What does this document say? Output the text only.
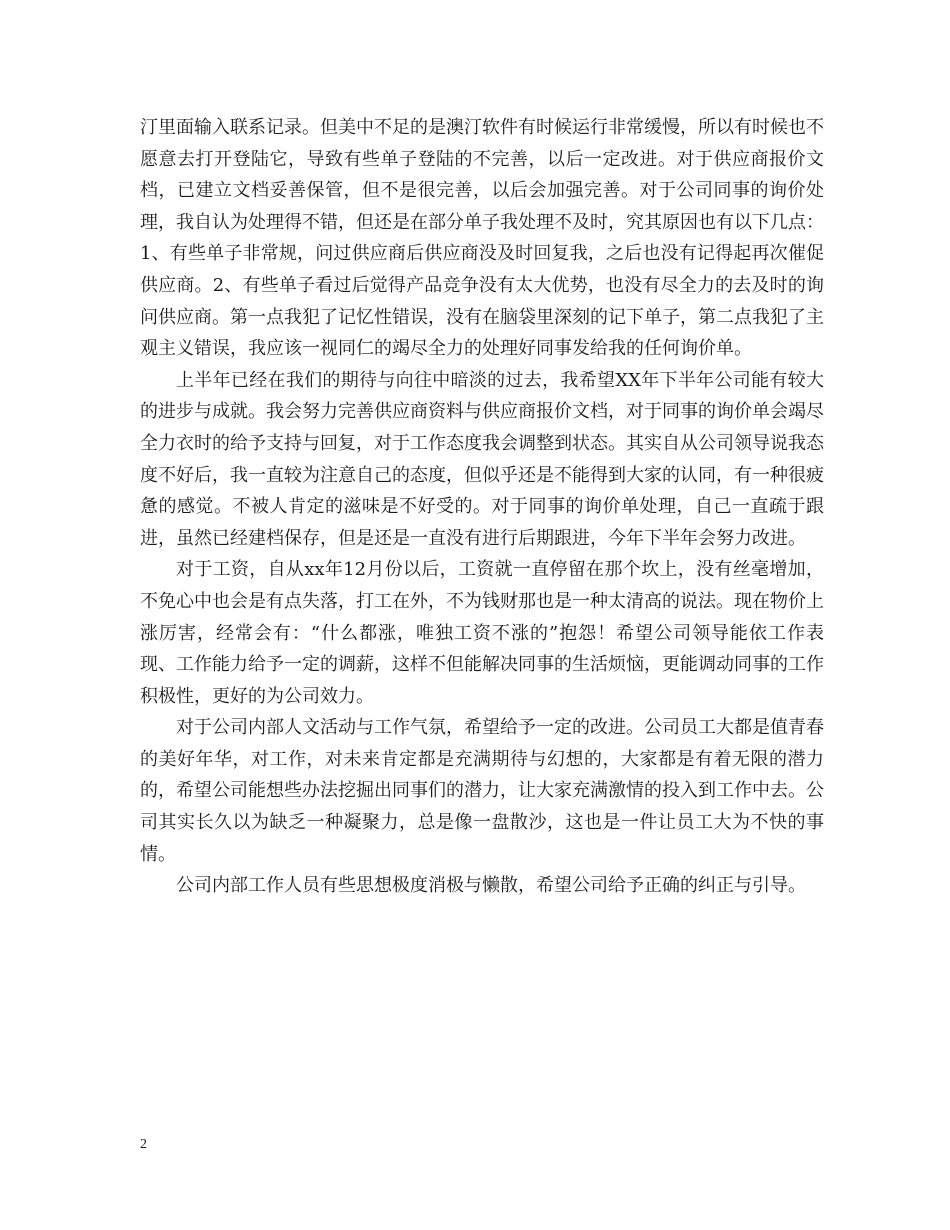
汀里面输入联系记录。但美中不足的是澳汀软件有时候运行非常缓慢，所以有时候也不愿意去打开登陆它，导致有些单子登陆的不完善，以后一定改进。对于供应商报价文档，已建立文档妥善保管，但不是很完善，以后会加强完善。对于公司同事的询价处理，我自认为处理得不错，但还是在部分单子我处理不及时，究其原因也有以下几点：1、有些单子非常规，问过供应商后供应商没及时回复我，之后也没有记得起再次催促供应商。2、有些单子看过后觉得产品竞争没有太大优势，也没有尽全力的去及时的询问供应商。第一点我犯了记忆性错误，没有在脑袋里深刻的记下单子，第二点我犯了主观主义错误，我应该一视同仁的竭尽全力的处理好同事发给我的任何询价单。

上半年已经在我们的期待与向往中暗淡的过去，我希望XX年下半年公司能有较大的进步与成就。我会努力完善供应商资料与供应商报价文档，对于同事的询价单会竭尽全力衣时的给予支持与回复，对于工作态度我会调整到状态。其实自从公司领导说我态度不好后，我一直较为注意自己的态度，但似乎还是不能得到大家的认同，有一种很疲惫的感觉。不被人肯定的滋味是不好受的。对于同事的询价单处理，自己一直疏于跟进，虽然已经建档保存，但是还是一直没有进行后期跟进，今年下半年会努力改进。

对于工资，自从xx年12月份以后，工资就一直停留在那个坎上，没有丝毫增加，不免心中也会是有点失落，打工在外，不为钱财那也是一种太清高的说法。现在物价上涨厉害，经常会有：“什么都涨，唯独工资不涨的”抱怨！希望公司领导能依工作表现、工作能力给予一定的调薪，这样不但能解决同事的生活烦恼，更能调动同事的工作积极性，更好的为公司效力。

对于公司内部人文活动与工作气氛，希望给予一定的改进。公司员工大都是值青春的美好年华，对工作，对未来肯定都是充满期待与幻想的，大家都是有着无限的潜力的，希望公司能想些办法挖掘出同事们的潜力，让大家充满激情的投入到工作中去。公司其实长久以为缺乏一种凝聚力，总是像一盘散沙，这也是一件让员工大为不快的事情。

公司内部工作人员有些思想极度消极与懒散，希望公司给予正确的纠正与引导。

2
